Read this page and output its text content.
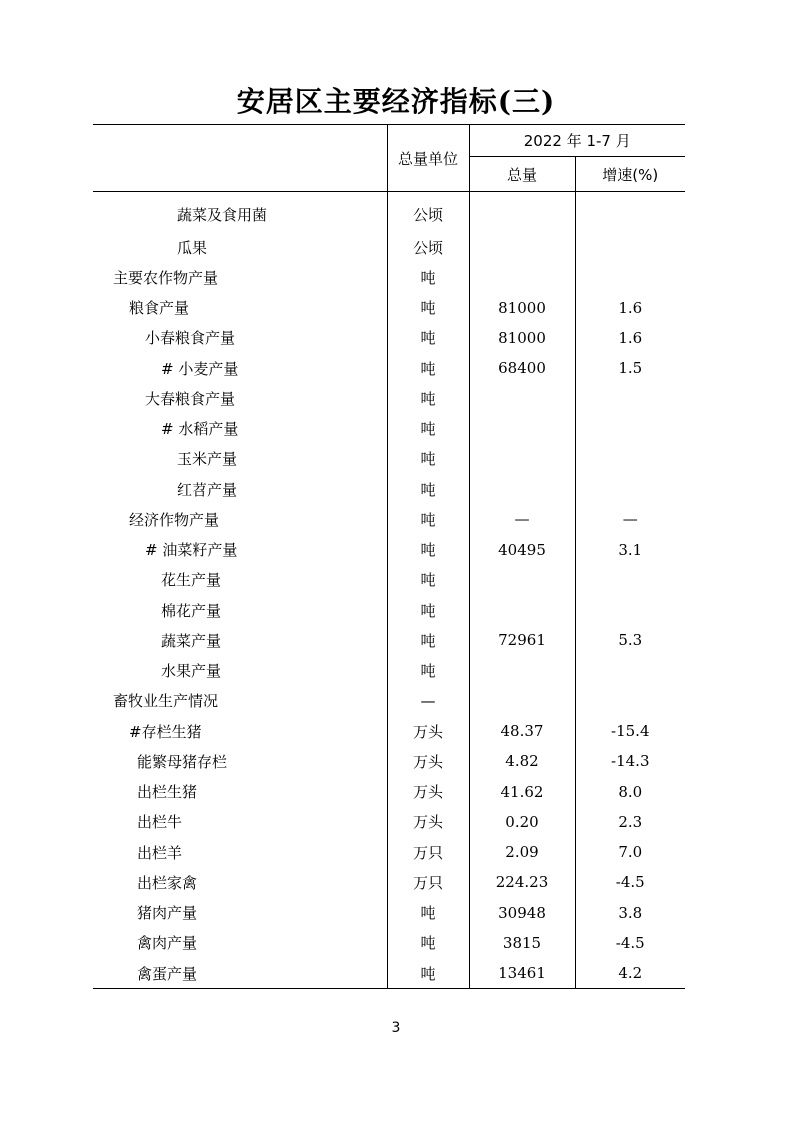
安居区主要经济指标(三)
	总量单位	2022 年 1-7 月	
		总量	增速(%)
蔬菜及食用菌	公顷		
瓜果	公顷		
主要农作物产量	吨		
粮食产量	吨	81000	1.6
小春粮食产量	吨	81000	1.6
# 小麦产量	吨	68400	1.5
大春粮食产量	吨		
# 水稻产量	吨		
玉米产量	吨		
红苕产量	吨		
经济作物产量	吨	—	—
# 油菜籽产量	吨	40495	3.1
花生产量	吨		
棉花产量	吨		
蔬菜产量	吨	72961	5.3
水果产量	吨		
畜牧业生产情况	—		
#存栏生猪	万头	48.37	-15.4
能繁母猪存栏	万头	4.82	-14.3
出栏生猪	万头	41.62	8.0
出栏牛	万头	0.20	2.3
出栏羊	万只	2.09	7.0
出栏家禽	万只	224.23	-4.5
猪肉产量	吨	30948	3.8
禽肉产量	吨	3815	-4.5
禽蛋产量	吨	13461	4.2
3
